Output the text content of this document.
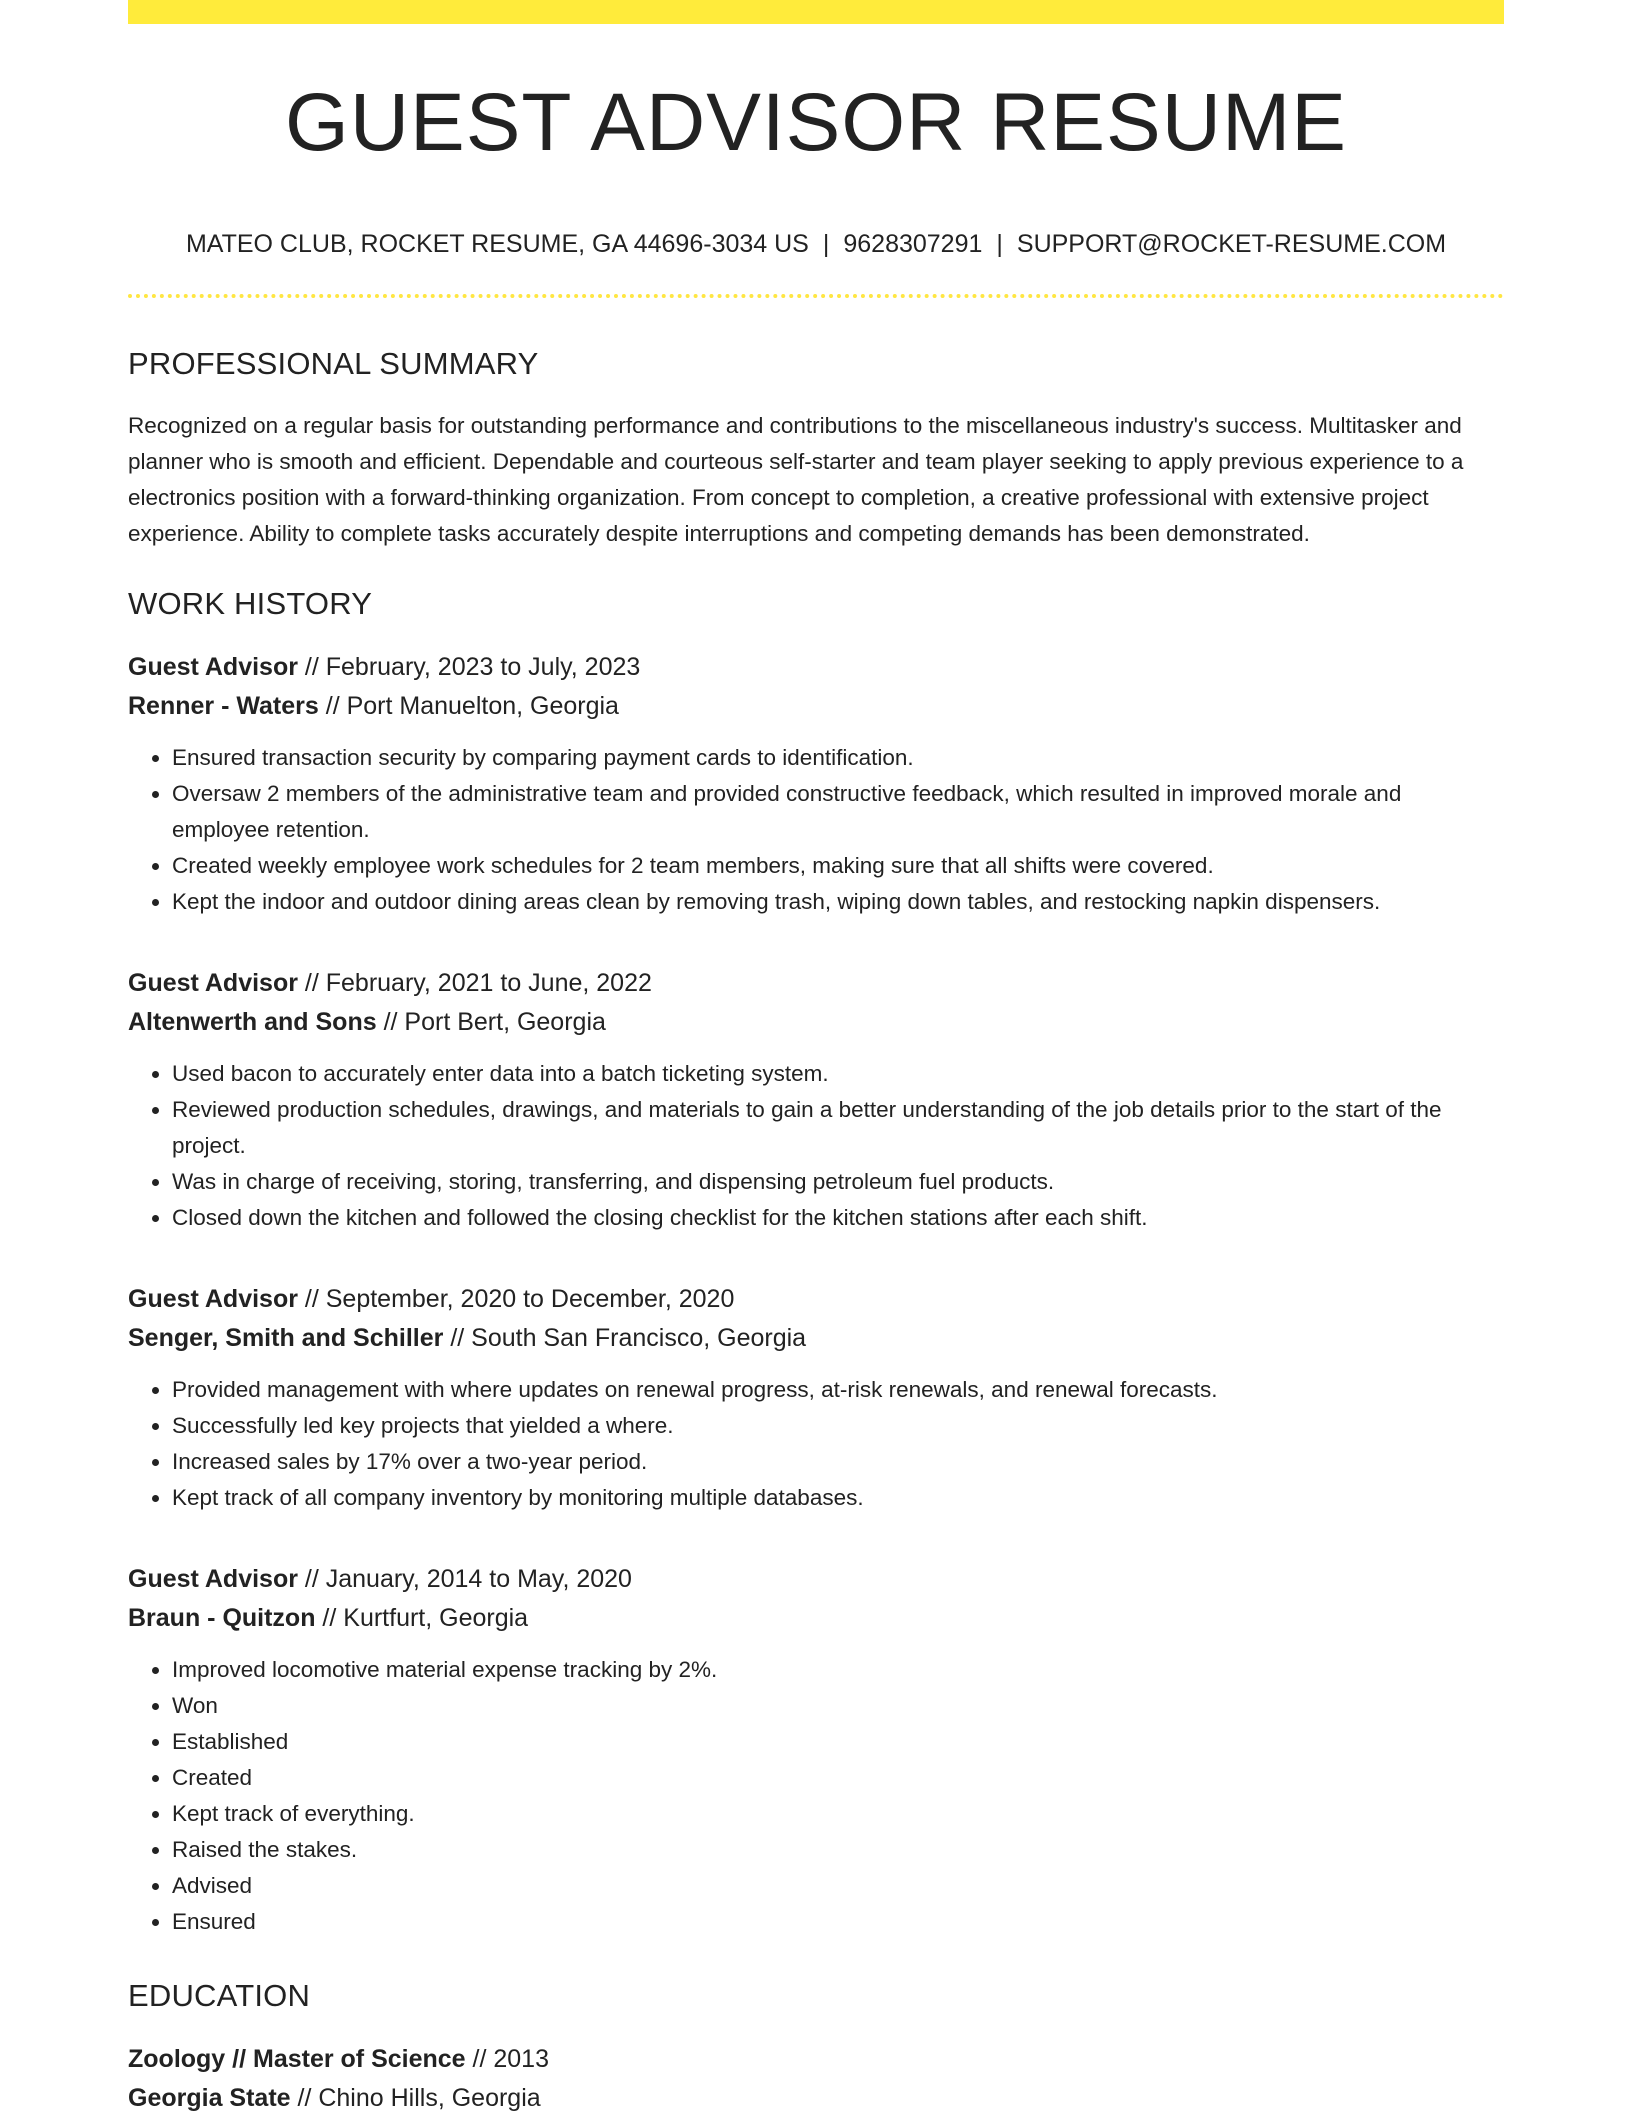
GUEST ADVISOR RESUME
MATEO CLUB, ROCKET RESUME, GA 44696-3034 US | 9628307291 | SUPPORT@ROCKET-RESUME.COM
PROFESSIONAL SUMMARY
Recognized on a regular basis for outstanding performance and contributions to the miscellaneous industry's success. Multitasker and planner who is smooth and efficient. Dependable and courteous self-starter and team player seeking to apply previous experience to a electronics position with a forward-thinking organization. From concept to completion, a creative professional with extensive project experience. Ability to complete tasks accurately despite interruptions and competing demands has been demonstrated.
WORK HISTORY
Guest Advisor // February, 2023 to July, 2023
Renner - Waters // Port Manuelton, Georgia
• Ensured transaction security by comparing payment cards to identification.
• Oversaw 2 members of the administrative team and provided constructive feedback, which resulted in improved morale and employee retention.
• Created weekly employee work schedules for 2 team members, making sure that all shifts were covered.
• Kept the indoor and outdoor dining areas clean by removing trash, wiping down tables, and restocking napkin dispensers.
Guest Advisor // February, 2021 to June, 2022
Altenwerth and Sons // Port Bert, Georgia
• Used bacon to accurately enter data into a batch ticketing system.
• Reviewed production schedules, drawings, and materials to gain a better understanding of the job details prior to the start of the project.
• Was in charge of receiving, storing, transferring, and dispensing petroleum fuel products.
• Closed down the kitchen and followed the closing checklist for the kitchen stations after each shift.
Guest Advisor // September, 2020 to December, 2020
Senger, Smith and Schiller // South San Francisco, Georgia
• Provided management with where updates on renewal progress, at-risk renewals, and renewal forecasts.
• Successfully led key projects that yielded a where.
• Increased sales by 17% over a two-year period.
• Kept track of all company inventory by monitoring multiple databases.
Guest Advisor // January, 2014 to May, 2020
Braun - Quitzon // Kurtfurt, Georgia
• Improved locomotive material expense tracking by 2%.
• Won
• Established
• Created
• Kept track of everything.
• Raised the stakes.
• Advised
• Ensured
EDUCATION
Zoology // Master of Science // 2013
Georgia State // Chino Hills, Georgia
